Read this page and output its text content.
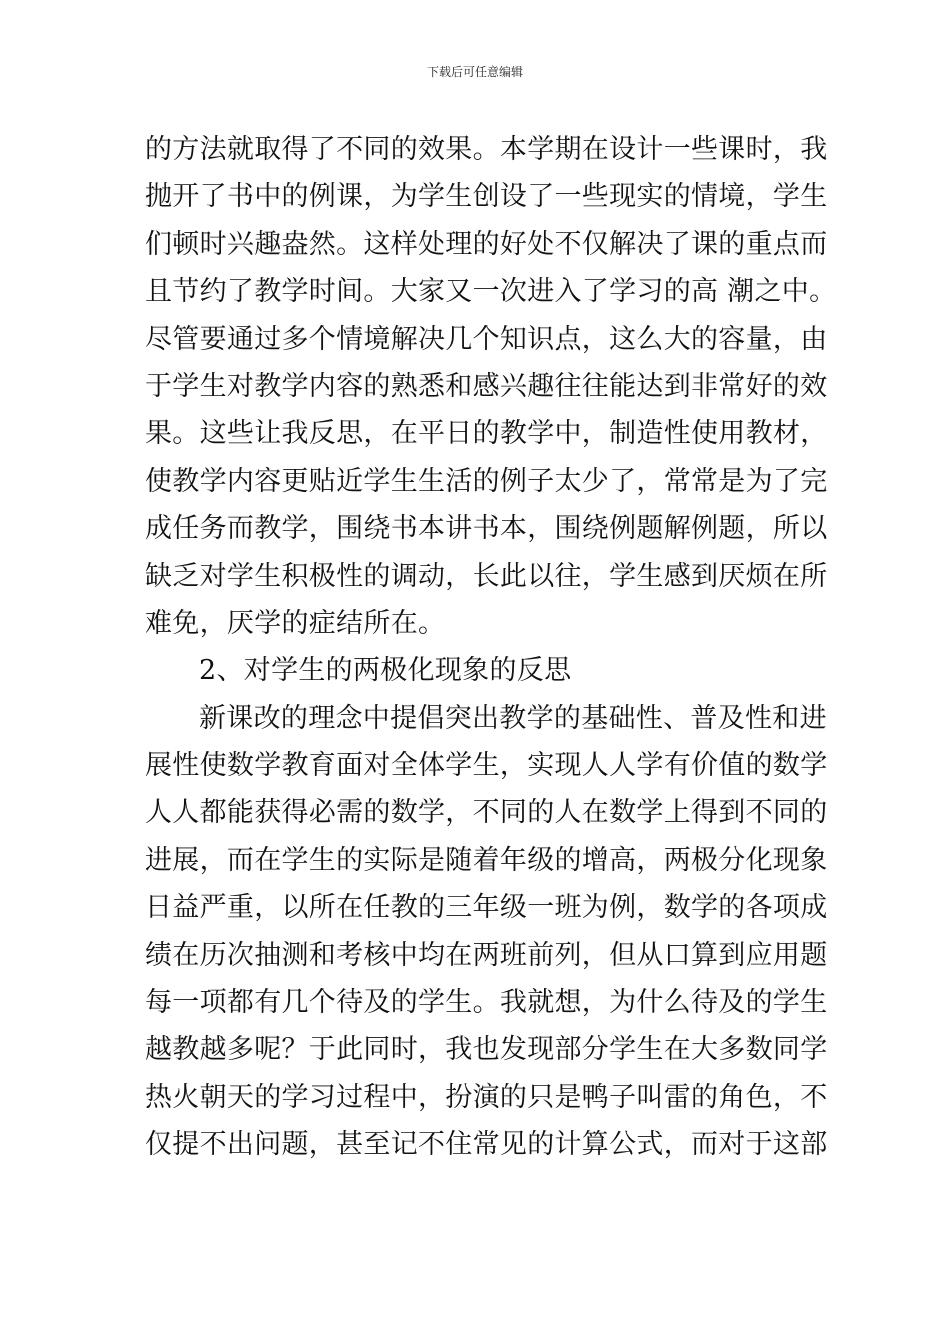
下载后可任意编辑
的方法就取得了不同的效果。本学期在设计一些课时，我
抛开了书中的例课，为学生创设了一些现实的情境，学生
们顿时兴趣盎然。这样处理的好处不仅解决了课的重点而
且节约了教学时间。大家又一次进入了学习的高 潮之中。
尽管要通过多个情境解决几个知识点，这么大的容量，由
于学生对教学内容的熟悉和感兴趣往往能达到非常好的效
果。这些让我反思，在平日的教学中，制造性使用教材，
使教学内容更贴近学生生活的例子太少了，常常是为了完
成任务而教学，围绕书本讲书本，围绕例题解例题，所以
缺乏对学生积极性的调动，长此以往，学生感到厌烦在所
难免，厌学的症结所在。
2、对学生的两极化现象的反思
新课改的理念中提倡突出教学的基础性、普及性和进
展性使数学教育面对全体学生，实现人人学有价值的数学
人人都能获得必需的数学，不同的人在数学上得到不同的
进展，而在学生的实际是随着年级的增高，两极分化现象
日益严重，以所在任教的三年级一班为例，数学的各项成
绩在历次抽测和考核中均在两班前列，但从口算到应用题
每一项都有几个待及的学生。我就想，为什么待及的学生
越教越多呢？于此同时，我也发现部分学生在大多数同学
热火朝天的学习过程中，扮演的只是鸭子叫雷的角色，不
仅提不出问题，甚至记不住常见的计算公式，而对于这部
